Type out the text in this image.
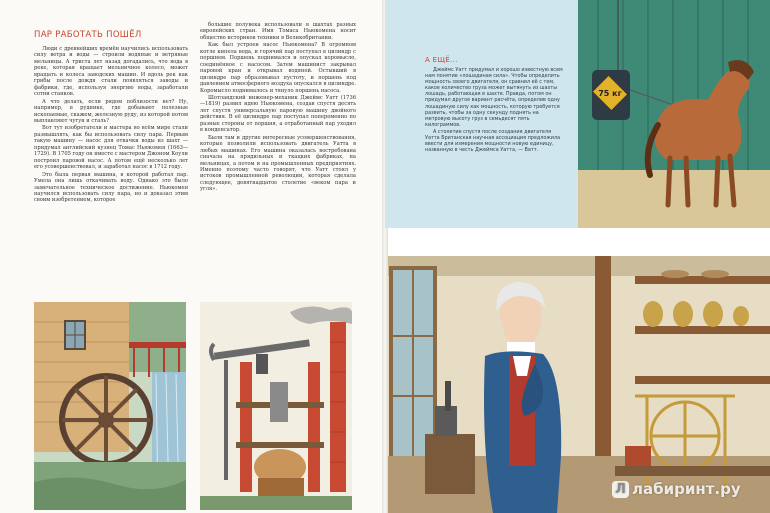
ПАР РАБОТАТЬ ПОШЁЛ

Люди с древнейших времён научились использовать силу ветра и воды — строили водяные и ветряные мельницы. А триста лет назад догадались, что вода в реке, которая вращает мельничное колесо, может вращать и колеса заводских машин. И вдоль рек как грибы после дождя стали появляться заводы и фабрики, где, используя энергию воды, заработали сотни станков.

А что делать, если рядом поблизости нет? Ну, например, в руднике, где добывают полезные ископаемые, скажем, железную руду, из которой потом выплавляют чугун и сталь?

Вот тут изобретатели и мастера во всём мире стали размышлять, как бы использовать силу пара. Первым такую машину — насос для откачки воды из шахт — придумал английский кузнец Томас Ньюкомен (1663—1729). В 1705 году он вместе с мастером Джоном Коули построил паровой насос. А потом ещё несколько лет его усовершенствовал, и заработал насос в 1712 году.

Это была первая машина, в которой работал пар. Умела она лишь откачивать воду. Однако это было замечательное техническое достижение. Ньюкомен научился использовать силу пара, но и доказал этим своим изобретением, которое

большие полувека использовали в шахтах разных европейских стран. Имя Томаса Ньюкомена носит общество историков техники в Великобритании.

Как был устроен насос Ньюкомена? В огромном котле кипела вода, и горячий пар поступал в цилиндр с поршнем. Поршень поднимался и опускал коромысло, соединённое с насосом. Затем машинист закрывал паровой кран и открывал водяной. Остывший в цилиндре пар образовывал пустоту, и поршень под давлением атмосферного воздуха опускался в цилиндре. Коромысло поднималось и тянуло поршень насоса.

Шотландский инженер-механик Джеймс Уатт (1736—1819) развил идею Ньюкомена, создав спустя десять лет спустя универсальную паровую машину двойного действия. В её цилиндре пар поступал попеременно по разные стороны от поршня, а отработанный пар уходил в конденсатор.

Были там и другие интересные усовершенствования, которые позволили использовать двигатель Уатта в любых машинах. Его машина оказалась востребована сначала на прядильных и ткацких фабриках, на мельницах, а потом и на промышленных предприятиях. Именно поэтому часто говорят, что Уатт стоял у истоков промышленной революции, которая сделала следующее, девятнадцатое столетие «веком пара и угля».

75 кг
А ЕЩЁ...

Джеймс Уатт придумал и хорошо известную всем нам понятие «лошадиная сила». Чтобы определить мощность своего двигателя, он сравнил её с тем, какое количество груза может вытянуть из шахты лошадь, работающая в шахте. Правда, потом он придумал другое вариант расчёта, определив одну лошадиную силу как мощность, которую требуется развить, чтобы за одну секунду поднять на метровую высоту груз в семьдесят пять килограммов.

А столетие спустя после создания двигателя Уатта Британская научная ассоциация предложила ввести для измерения мощности новую единицу, названную в честь Джеймса Уатта, — Ватт.

Л лабиринт.ру
